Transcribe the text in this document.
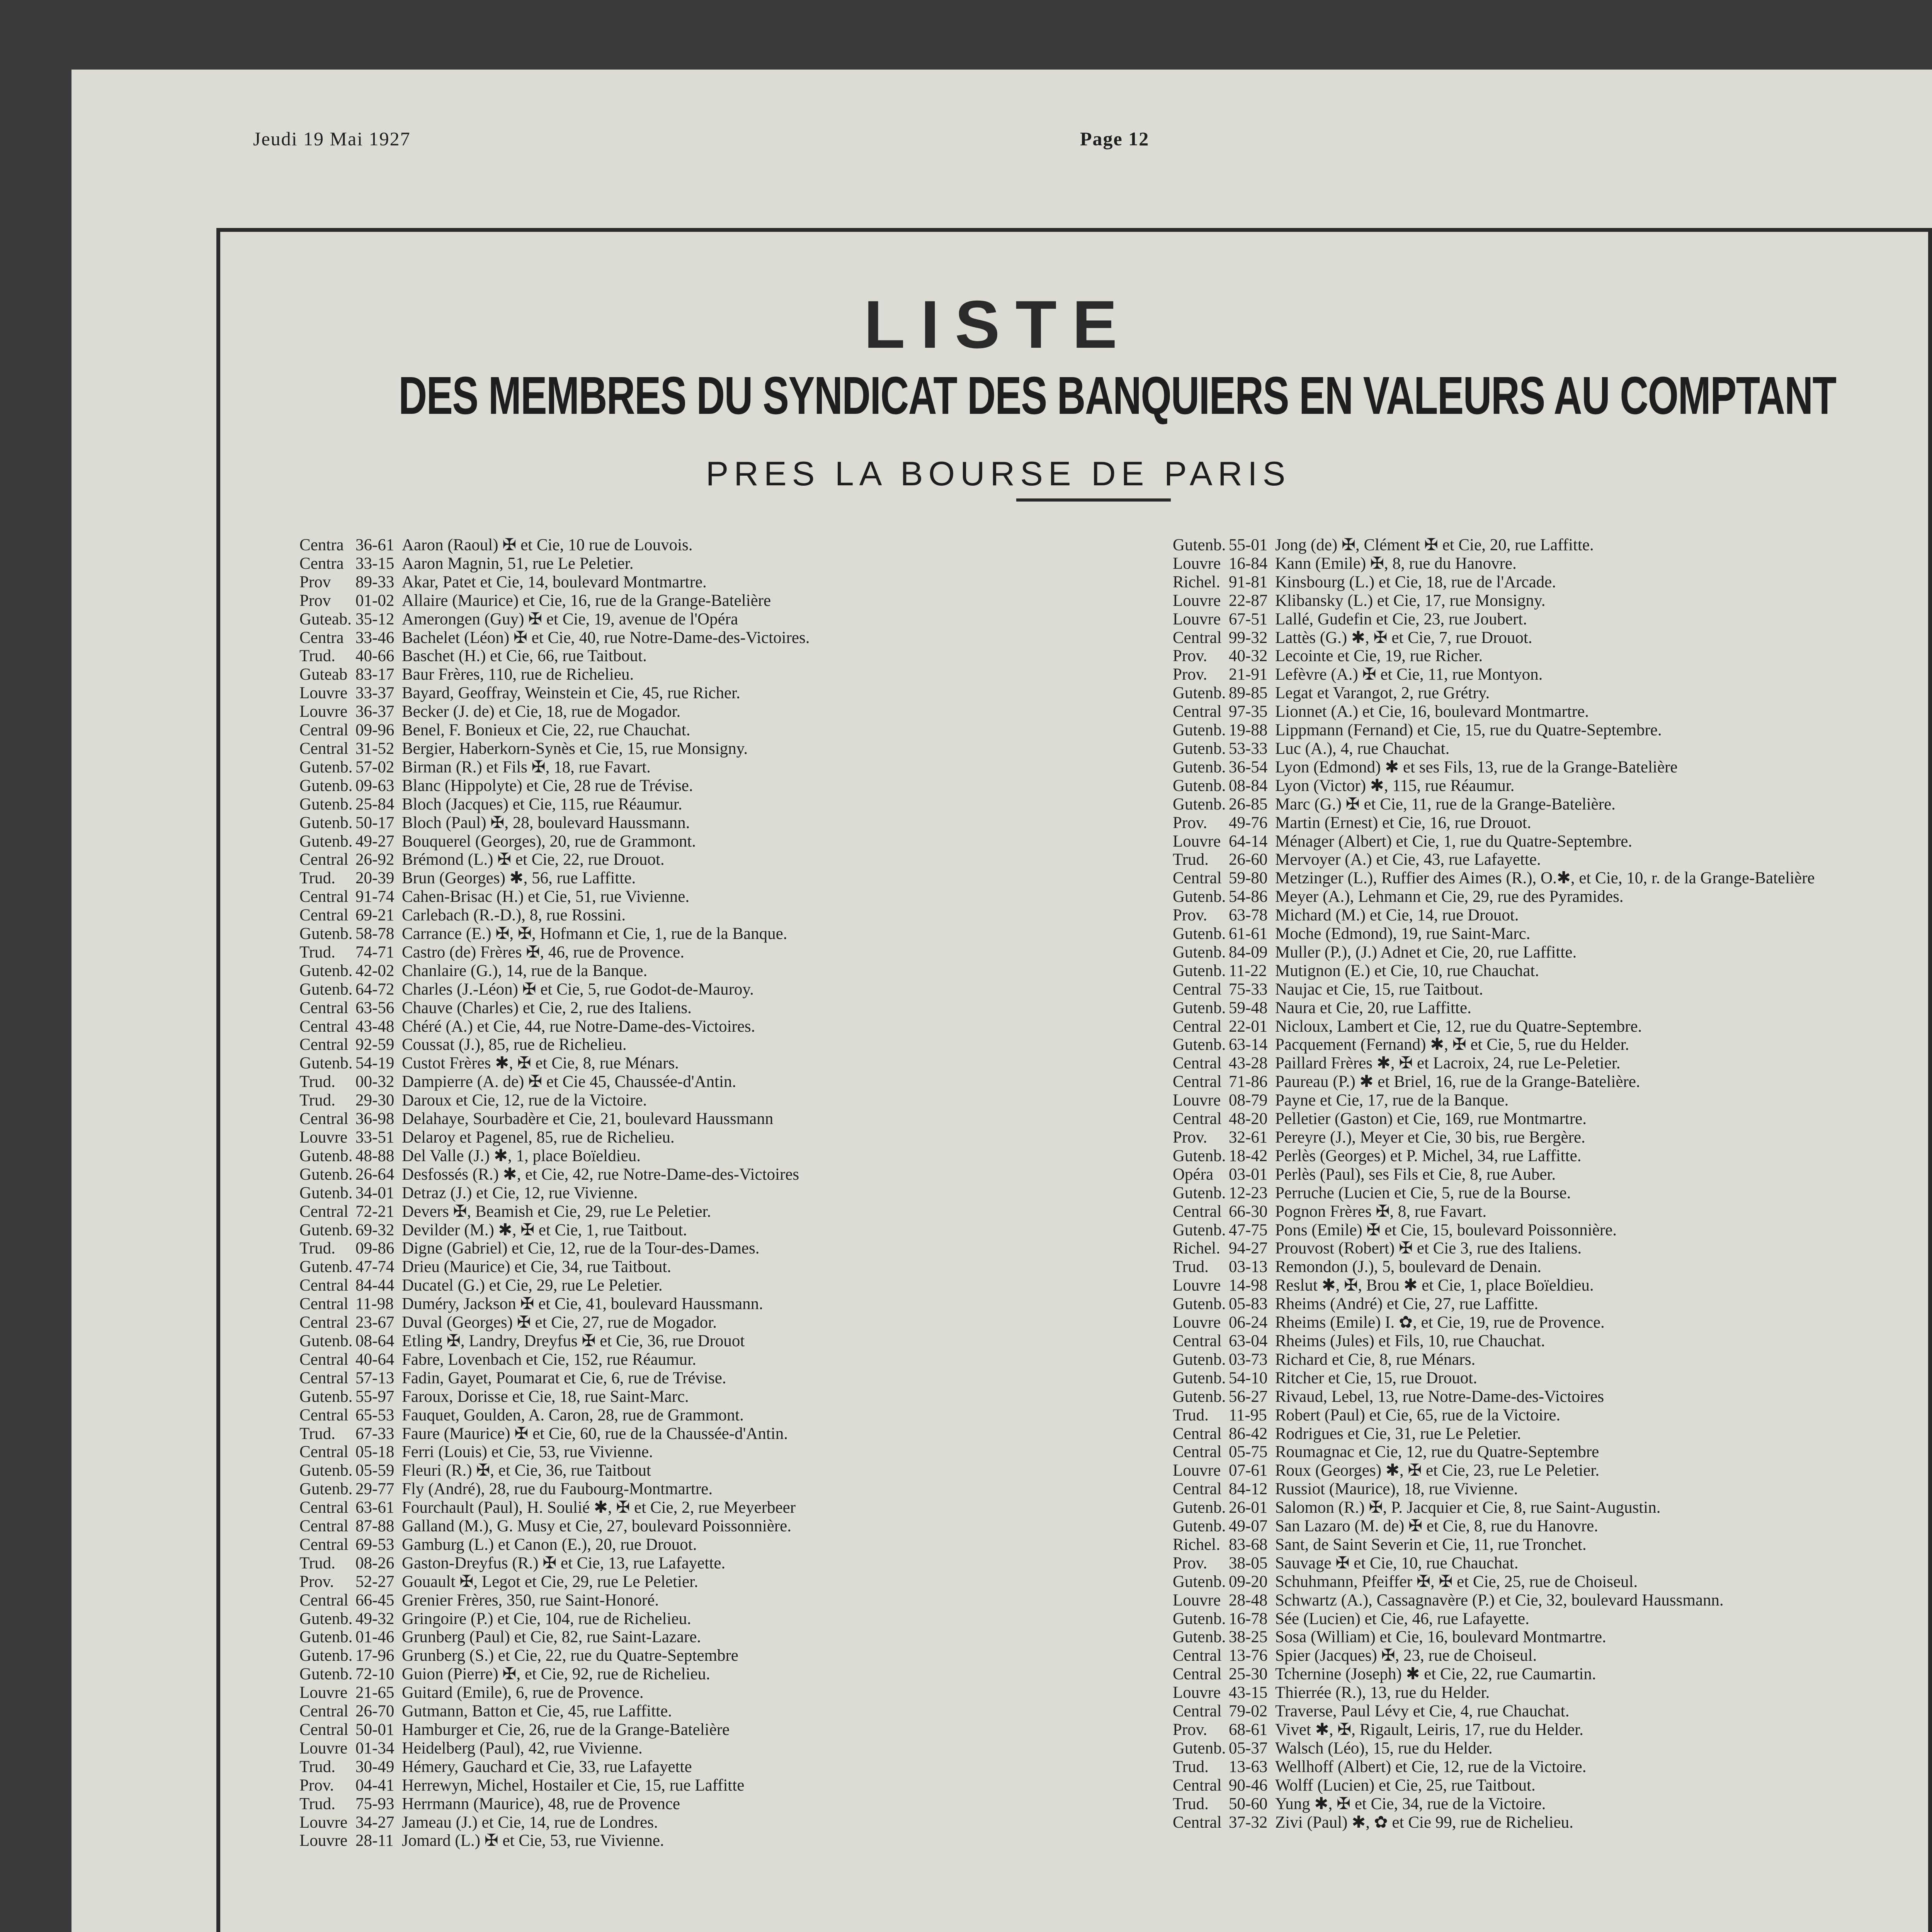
Jeudi 19 Mai 1927	Page 12
LISTE
DES MEMBRES DU SYNDICAT DES BANQUIERS EN VALEURS AU COMPTANT
PRES LA BOURSE DE PARIS
Centra 36-61 Aaron (Raoul) ✠ et Cie, 10 rue de Louvois.
Centra 33-15 Aaron Magnin, 51, rue Le Peletier.
Prov	89-33 Akar, Patet et Cie, 14, boulevard Montmartre.
Prov	01-02 Allaire (Maurice) et Cie, 16, rue de la Grange-Batelière
Guteab. 35-12 Amerongen (Guy) ✠ et Cie, 19, avenue de l'Opéra
Centra 33-46 Bachelet (Léon) ✠ et Cie, 40, rue Notre-Dame-des-Victoires.
Trud.	40-66 Baschet (H.) et Cie, 66, rue Taitbout.
Guteab 83-17 Baur Frères, 110, rue de Richelieu.
Louvre 33-37 Bayard, Geoffray, Weinstein et Cie, 45, rue Richer.
Louvre 36-37 Becker (J. de) et Cie, 18, rue de Mogador.
Central 09-96 Benel, F. Bonieux et Cie, 22, rue Chauchat.
Central 31-52 Bergier, Haberkorn-Synès et Cie, 15, rue Monsigny.
Gutenb. 57-02 Birman (R.) et Fils ✠, 18, rue Favart.
Gutenb. 09-63 Blanc (Hippolyte) et Cie, 28 rue de Trévise.
Gutenb. 25-84 Bloch (Jacques) et Cie, 115, rue Réaumur.
Gutenb. 50-17 Bloch (Paul) ✠, 28, boulevard Haussmann.
Gutenb. 49-27 Bouquerel (Georges), 20, rue de Grammont.
Central 26-92 Brémond (L.) ✠ et Cie, 22, rue Drouot.
Trud.	20-39 Brun (Georges) ✱, 56, rue Laffitte.
Central 91-74 Cahen-Brisac (H.) et Cie, 51, rue Vivienne.
Central 69-21 Carlebach (R.-D.), 8, rue Rossini.
Gutenb. 58-78 Carrance (E.) ✠, ✠, Hofmann et Cie, 1, rue de la Banque.
Trud.	74-71 Castro (de) Frères ✠, 46, rue de Provence.
Gutenb. 42-02 Chanlaire (G.), 14, rue de la Banque.
Gutenb. 64-72 Charles (J.-Léon) ✠ et Cie, 5, rue Godot-de-Mauroy.
Central 63-56 Chauve (Charles) et Cie, 2, rue des Italiens.
Central 43-48 Chéré (A.) et Cie, 44, rue Notre-Dame-des-Victoires.
Central 92-59 Coussat (J.), 85, rue de Richelieu.
Gutenb. 54-19 Custot Frères ✱, ✠ et Cie, 8, rue Ménars.
Trud.	00-32 Dampierre (A. de) ✠ et Cie 45, Chaussée-d'Antin.
Trud.	29-30 Daroux et Cie, 12, rue de la Victoire.
Central 36-98 Delahaye, Sourbadère et Cie, 21, boulevard Haussmann
Louvre 33-51 Delaroy et Pagenel, 85, rue de Richelieu.
Gutenb. 48-88 Del Valle (J.) ✱, 1, place Boïeldieu.
Gutenb. 26-64 Desfossés (R.) ✱, et Cie, 42, rue Notre-Dame-des-Victoires
Gutenb. 34-01 Detraz (J.) et Cie, 12, rue Vivienne.
Central 72-21 Devers ✠, Beamish et Cie, 29, rue Le Peletier.
Gutenb. 69-32 Devilder (M.) ✱, ✠ et Cie, 1, rue Taitbout.
Trud.	09-86 Digne (Gabriel) et Cie, 12, rue de la Tour-des-Dames.
Gutenb. 47-74 Drieu (Maurice) et Cie, 34, rue Taitbout.
Central 84-44 Ducatel (G.) et Cie, 29, rue Le Peletier.
Central 11-98 Duméry, Jackson ✠ et Cie, 41, boulevard Haussmann.
Central 23-67 Duval (Georges) ✠ et Cie, 27, rue de Mogador.
Gutenb. 08-64 Etling ✠, Landry, Dreyfus ✠ et Cie, 36, rue Drouot
Central 40-64 Fabre, Lovenbach et Cie, 152, rue Réaumur.
Central 57-13 Fadin, Gayet, Poumarat et Cie, 6, rue de Trévise.
Gutenb. 55-97 Faroux, Dorisse et Cie, 18, rue Saint-Marc.
Central 65-53 Fauquet, Goulden, A. Caron, 28, rue de Grammont.
Trud.	67-33 Faure (Maurice) ✠ et Cie, 60, rue de la Chaussée-d'Antin.
Central 05-18 Ferri (Louis) et Cie, 53, rue Vivienne.
Gutenb. 05-59 Fleuri (R.) ✠, et Cie, 36, rue Taitbout
Gutenb. 29-77 Fly (André), 28, rue du Faubourg-Montmartre.
Central 63-61 Fourchault (Paul), H. Soulié ✱, ✠ et Cie, 2, rue Meyerbeer
Central 87-88 Galland (M.), G. Musy et Cie, 27, boulevard Poissonnière.
Central 69-53 Gamburg (L.) et Canon (E.), 20, rue Drouot.
Trud.	08-26 Gaston-Dreyfus (R.) ✠ et Cie, 13, rue Lafayette.
Prov.	52-27 Gouault ✠, Legot et Cie, 29, rue Le Peletier.
Central 66-45 Grenier Frères, 350, rue Saint-Honoré.
Gutenb. 49-32 Gringoire (P.) et Cie, 104, rue de Richelieu.
Gutenb. 01-46 Grunberg (Paul) et Cie, 82, rue Saint-Lazare.
Gutenb. 17-96 Grunberg (S.) et Cie, 22, rue du Quatre-Septembre
Gutenb. 72-10 Guion (Pierre) ✠, et Cie, 92, rue de Richelieu.
Louvre 21-65 Guitard (Emile), 6, rue de Provence.
Central 26-70 Gutmann, Batton et Cie, 45, rue Laffitte.
Central 50-01 Hamburger et Cie, 26, rue de la Grange-Batelière
Louvre 01-34 Heidelberg (Paul), 42, rue Vivienne.
Trud.	30-49 Hémery, Gauchard et Cie, 33, rue Lafayette
Prov.	04-41 Herrewyn, Michel, Hostailer et Cie, 15, rue Laffitte
Trud.	75-93 Herrmann (Maurice), 48, rue de Provence
Louvre 34-27 Jameau (J.) et Cie, 14, rue de Londres.
Louvre 28-11 Jomard (L.) ✠ et Cie, 53, rue Vivienne.
Gutenb. 55-01 Jong (de) ✠, Clément ✠ et Cie, 20, rue Laffitte.
Louvre 16-84 Kann (Emile) ✠, 8, rue du Hanovre.
Richel. 91-81 Kinsbourg (L.) et Cie, 18, rue de l'Arcade.
Louvre 22-87 Klibansky (L.) et Cie, 17, rue Monsigny.
Louvre 67-51 Lallé, Gudefin et Cie, 23, rue Joubert.
Central 99-32 Lattès (G.) ✱, ✠ et Cie, 7, rue Drouot.
Prov.	40-32 Lecointe et Cie, 19, rue Richer.
Prov.	21-91 Lefèvre (A.) ✠ et Cie, 11, rue Montyon.
Gutenb. 89-85 Legat et Varangot, 2, rue Grétry.
Central 97-35 Lionnet (A.) et Cie, 16, boulevard Montmartre.
Gutenb. 19-88 Lippmann (Fernand) et Cie, 15, rue du Quatre-Septembre.
Gutenb. 53-33 Luc (A.), 4, rue Chauchat.
Gutenb. 36-54 Lyon (Edmond) ✱ et ses Fils, 13, rue de la Grange-Batelière
Gutenb. 08-84 Lyon (Victor) ✱, 115, rue Réaumur.
Gutenb. 26-85 Marc (G.) ✠ et Cie, 11, rue de la Grange-Batelière.
Prov.	49-76 Martin (Ernest) et Cie, 16, rue Drouot.
Louvre 64-14 Ménager (Albert) et Cie, 1, rue du Quatre-Septembre.
Trud.	26-60 Mervoyer (A.) et Cie, 43, rue Lafayette.
Central 59-80 Metzinger (L.), Ruffier des Aimes (R.), O.✱, et Cie, 10, r. de la Grange-Batelière
Gutenb. 54-86 Meyer (A.), Lehmann et Cie, 29, rue des Pyramides.
Prov.	63-78 Michard (M.) et Cie, 14, rue Drouot.
Gutenb. 61-61 Moche (Edmond), 19, rue Saint-Marc.
Gutenb. 84-09 Muller (P.), (J.) Adnet et Cie, 20, rue Laffitte.
Gutenb. 11-22 Mutignon (E.) et Cie, 10, rue Chauchat.
Central 75-33 Naujac et Cie, 15, rue Taitbout.
Gutenb. 59-48 Naura et Cie, 20, rue Laffitte.
Central 22-01 Nicloux, Lambert et Cie, 12, rue du Quatre-Septembre.
Gutenb. 63-14 Pacquement (Fernand) ✱, ✠ et Cie, 5, rue du Helder.
Central 43-28 Paillard Frères ✱, ✠ et Lacroix, 24, rue Le-Peletier.
Central 71-86 Paureau (P.) ✱ et Briel, 16, rue de la Grange-Batelière.
Louvre 08-79 Payne et Cie, 17, rue de la Banque.
Central 48-20 Pelletier (Gaston) et Cie, 169, rue Montmartre.
Prov.	32-61 Pereyre (J.), Meyer et Cie, 30 bis, rue Bergère.
Gutenb. 18-42 Perlès (Georges) et P. Michel, 34, rue Laffitte.
Opéra 03-01 Perlès (Paul), ses Fils et Cie, 8, rue Auber.
Gutenb. 12-23 Perruche (Lucien et Cie, 5, rue de la Bourse.
Central 66-30 Pognon Frères ✠, 8, rue Favart.
Gutenb. 47-75 Pons (Emile) ✠ et Cie, 15, boulevard Poissonnière.
Richel. 94-27 Prouvost (Robert) ✠ et Cie 3, rue des Italiens.
Trud.	03-13 Remondon (J.), 5, boulevard de Denain.
Louvre 14-98 Reslut ✱, ✠, Brou ✱ et Cie, 1, place Boïeldieu.
Gutenb. 05-83 Rheims (André) et Cie, 27, rue Laffitte.
Louvre 06-24 Rheims (Emile) I. ✿, et Cie, 19, rue de Provence.
Central 63-04 Rheims (Jules) et Fils, 10, rue Chauchat.
Gutenb. 03-73 Richard et Cie, 8, rue Ménars.
Gutenb. 54-10 Ritcher et Cie, 15, rue Drouot.
Gutenb. 56-27 Rivaud, Lebel, 13, rue Notre-Dame-des-Victoires
Trud.	11-95 Robert (Paul) et Cie, 65, rue de la Victoire.
Central 86-42 Rodrigues et Cie, 31, rue Le Peletier.
Central 05-75 Roumagnac et Cie, 12, rue du Quatre-Septembre
Louvre 07-61 Roux (Georges) ✱, ✠ et Cie, 23, rue Le Peletier.
Central 84-12 Russiot (Maurice), 18, rue Vivienne.
Gutenb. 26-01 Salomon (R.) ✠, P. Jacquier et Cie, 8, rue Saint-Augustin.
Gutenb. 49-07 San Lazaro (M. de) ✠ et Cie, 8, rue du Hanovre.
Richel. 83-68 Sant, de Saint Severin et Cie, 11, rue Tronchet.
Prov.	38-05 Sauvage ✠ et Cie, 10, rue Chauchat.
Gutenb. 09-20 Schuhmann, Pfeiffer ✠, ✠ et Cie, 25, rue de Choiseul.
Louvre 28-48 Schwartz (A.), Cassagnavère (P.) et Cie, 32, boulevard Haussmann.
Gutenb. 16-78 Sée (Lucien) et Cie, 46, rue Lafayette.
Gutenb. 38-25 Sosa (William) et Cie, 16, boulevard Montmartre.
Central 13-76 Spier (Jacques) ✠, 23, rue de Choiseul.
Central 25-30 Tchernine (Joseph) ✱ et Cie, 22, rue Caumartin.
Louvre 43-15 Thierrée (R.), 13, rue du Helder.
Central 79-02 Traverse, Paul Lévy et Cie, 4, rue Chauchat.
Prov.	68-61 Vivet ✱, ✠, Rigault, Leiris, 17, rue du Helder.
Gutenb. 05-37 Walsch (Léo), 15, rue du Helder.
Trud.	13-63 Wellhoff (Albert) et Cie, 12, rue de la Victoire.
Central 90-46 Wolff (Lucien) et Cie, 25, rue Taitbout.
Trud.	50-60 Yung ✱, ✠ et Cie, 34, rue de la Victoire.
Central 37-32 Zivi (Paul) ✱, ✿ et Cie 99, rue de Richelieu.
